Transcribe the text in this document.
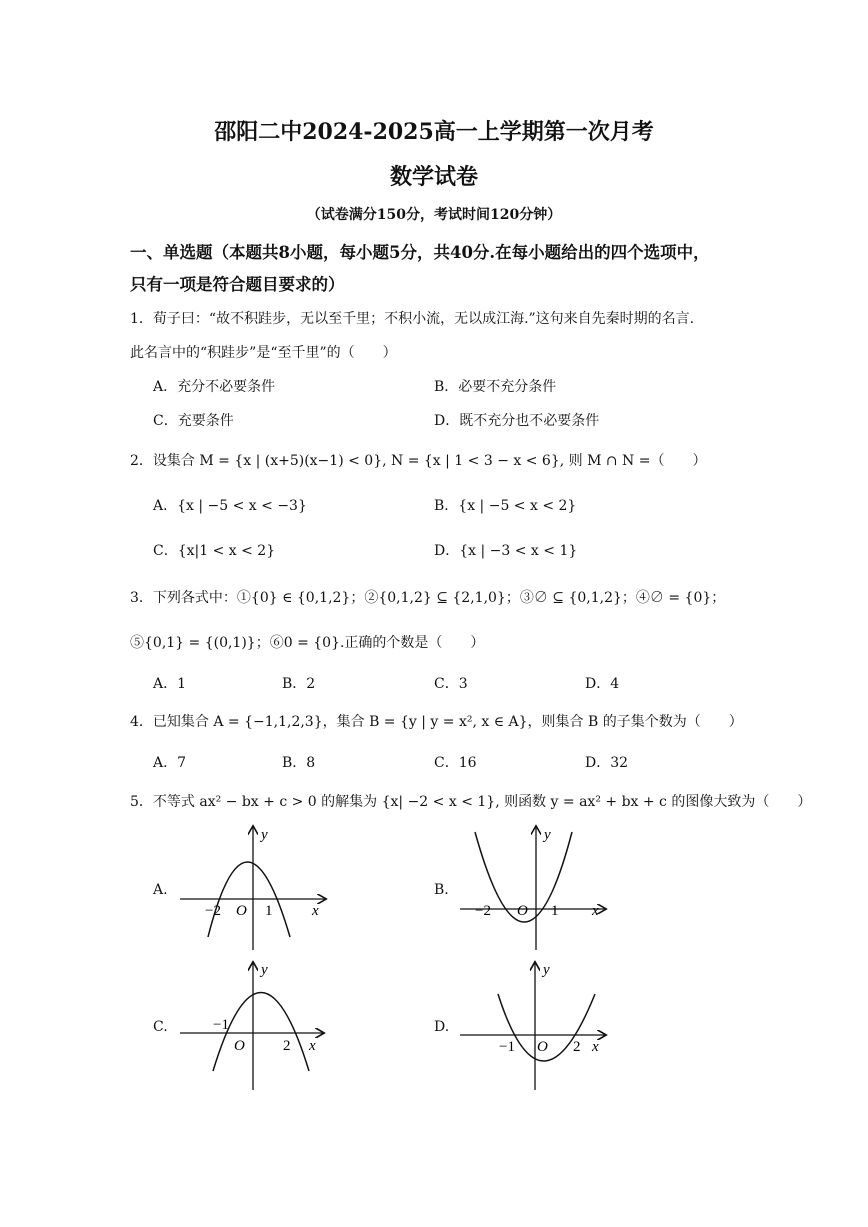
邵阳二中2024-2025高一上学期第一次月考
数学试卷
（试卷满分150分，考试时间120分钟）
一、单选题（本题共8小题，每小题5分，共40分.在每小题给出的四个选项中，
只有一项是符合题目要求的）
1．荀子曰：“故不积跬步，无以至千里；不积小流，无以成江海.”这句来自先秦时期的名言.
此名言中的“积跬步”是“至千里”的（　　）
A．充分不必要条件	B．必要不充分条件
C．充要条件	D．既不充分也不必要条件
2．设集合 M = {x | (x+5)(x−1) < 0}, N = {x | 1 < 3 − x < 6}, 则 M ∩ N =（　　）
A．{x | −5 < x < −3}	B．{x | −5 < x < 2}
C．{x|1 < x < 2}	D．{x | −3 < x < 1}
3．下列各式中：①{0} ∈ {0,1,2}；②{0,1,2} ⊆ {2,1,0}；③∅ ⊆ {0,1,2}；④∅ = {0}；
⑤{0,1} = {(0,1)}；⑥0 = {0}.正确的个数是（　　）
A．1	B．2	C．3	D．4
4．已知集合 A = {−1,1,2,3}，集合 B = {y | y = x², x ∈ A}，则集合 B 的子集个数为（　　）
A．7	B．8	C．16	D．32
5．不等式 ax² − bx + c > 0 的解集为 {x| −2 < x < 1}, 则函数 y = ax² + bx + c 的图像大致为（　　）
A.	B.
C.	D.
y
x
O
−2	1
y
x
O
−2	1
y
x
O
−1
2
y
x
O
−1	2
